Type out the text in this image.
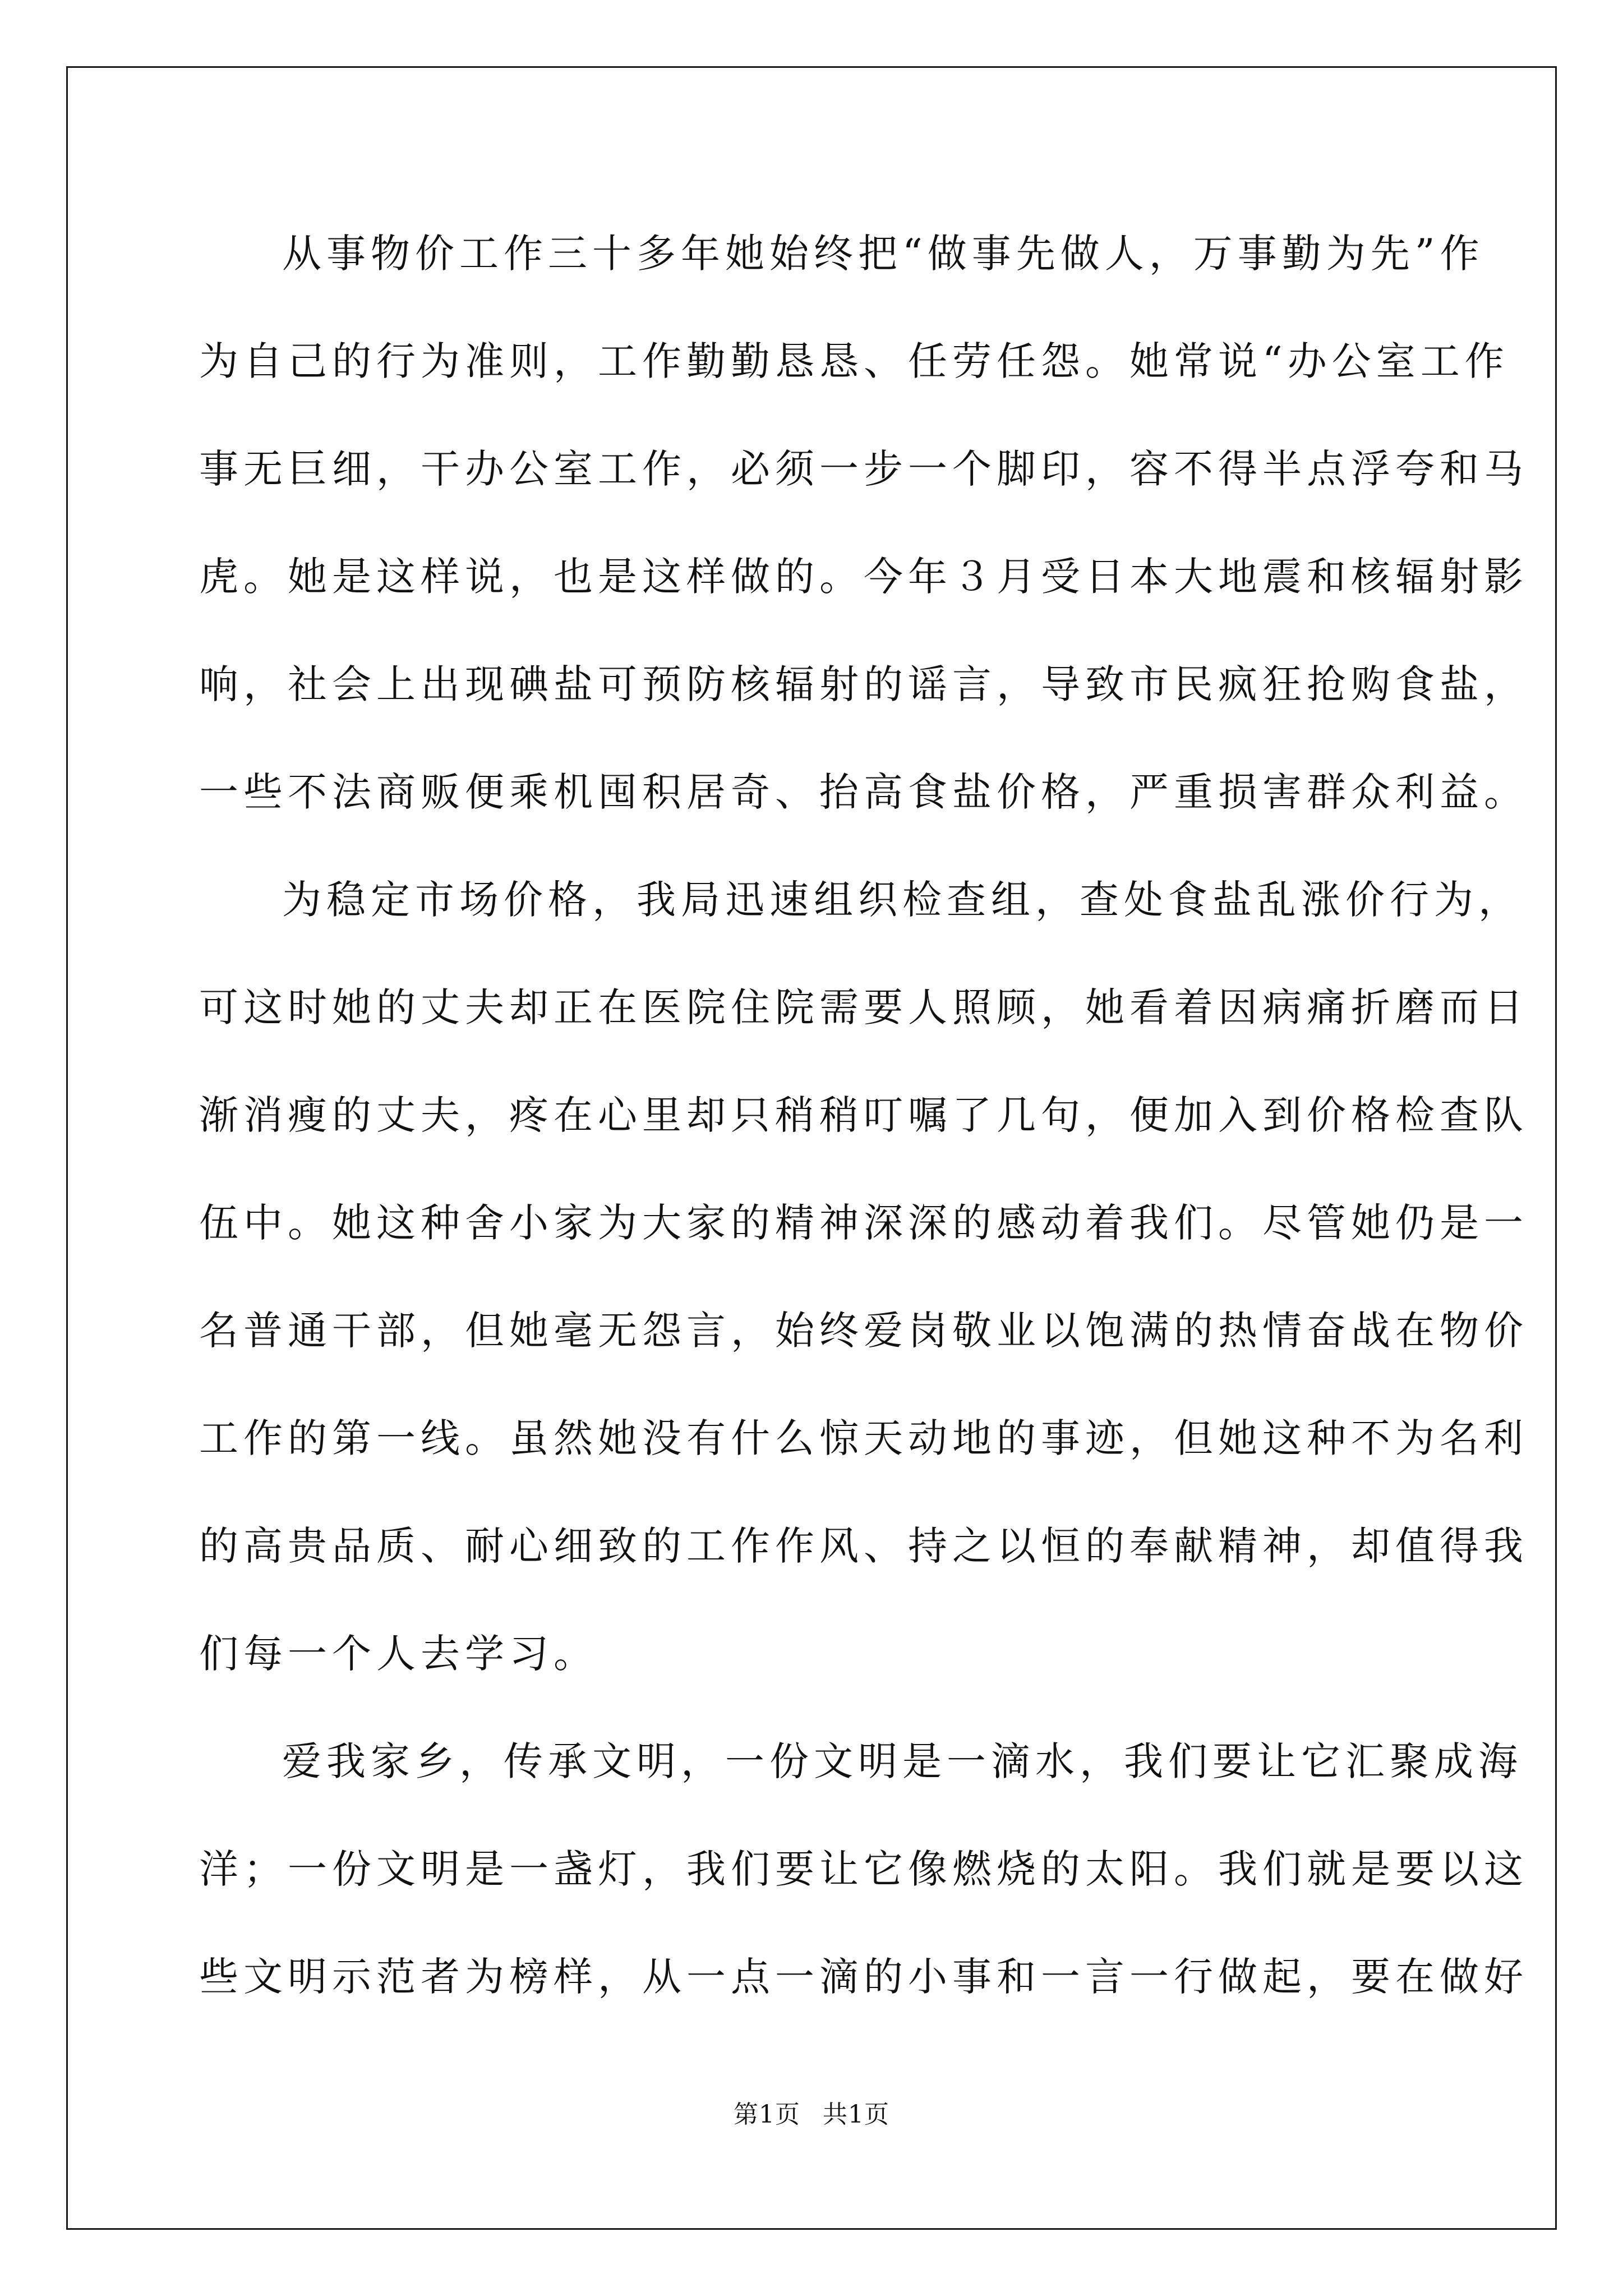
从事物价工作三十多年她始终把“做事先做人，万事勤为先”作
为自己的行为准则，工作勤勤恳恳、任劳任怨。她常说“办公室工作
事无巨细，干办公室工作，必须一步一个脚印，容不得半点浮夸和马
虎。她是这样说，也是这样做的。今年３月受日本大地震和核辐射影
响，社会上出现碘盐可预防核辐射的谣言，导致市民疯狂抢购食盐，
一些不法商贩便乘机囤积居奇、抬高食盐价格，严重损害群众利益。
为稳定市场价格，我局迅速组织检查组，查处食盐乱涨价行为，
可这时她的丈夫却正在医院住院需要人照顾，她看着因病痛折磨而日
渐消瘦的丈夫，疼在心里却只稍稍叮嘱了几句，便加入到价格检查队
伍中。她这种舍小家为大家的精神深深的感动着我们。尽管她仍是一
名普通干部，但她毫无怨言，始终爱岗敬业以饱满的热情奋战在物价
工作的第一线。虽然她没有什么惊天动地的事迹，但她这种不为名利
的高贵品质、耐心细致的工作作风、持之以恒的奉献精神，却值得我
们每一个人去学习。
爱我家乡，传承文明，一份文明是一滴水，我们要让它汇聚成海
洋；一份文明是一盏灯，我们要让它像燃烧的太阳。我们就是要以这
些文明示范者为榜样，从一点一滴的小事和一言一行做起，要在做好
第1页 共1页
